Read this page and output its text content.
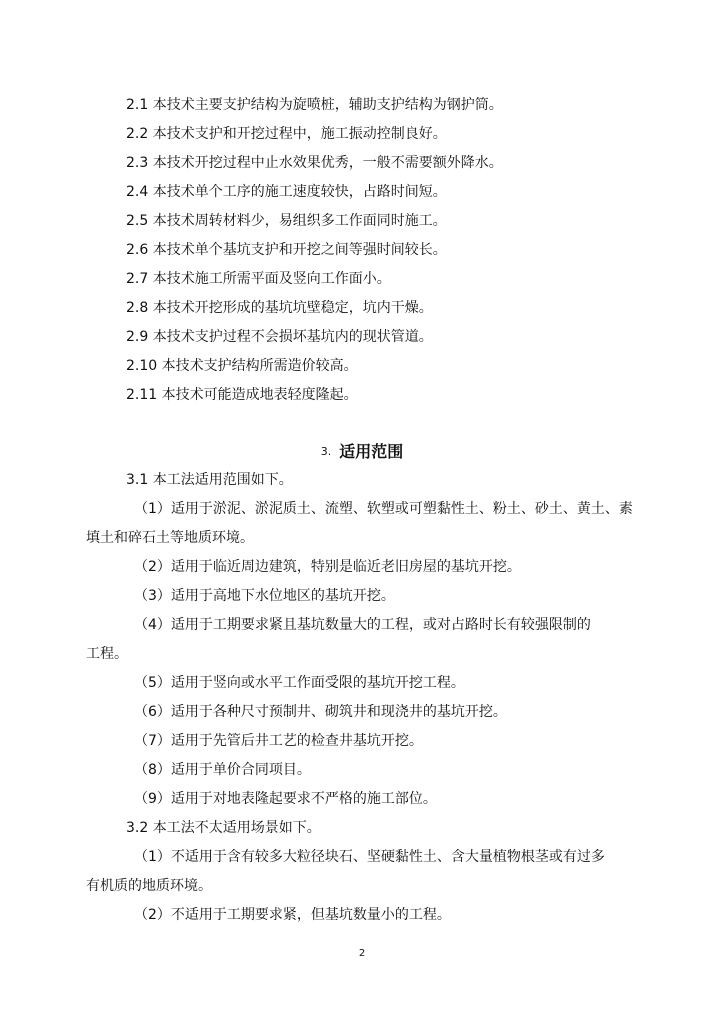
2.1 本技术主要支护结构为旋喷桩，辅助支护结构为钢护筒。
2.2 本技术支护和开挖过程中，施工振动控制良好。
2.3 本技术开挖过程中止水效果优秀，一般不需要额外降水。
2.4 本技术单个工序的施工速度较快，占路时间短。
2.5 本技术周转材料少，易组织多工作面同时施工。
2.6 本技术单个基坑支护和开挖之间等强时间较长。
2.7 本技术施工所需平面及竖向工作面小。
2.8 本技术开挖形成的基坑坑壁稳定，坑内干燥。
2.9 本技术支护过程不会损坏基坑内的现状管道。
2.10 本技术支护结构所需造价较高。
2.11 本技术可能造成地表轻度隆起。
3. 适用范围
3.1 本工法适用范围如下。
（1）适用于淤泥、淤泥质土、流塑、软塑或可塑黏性土、粉土、砂土、黄土、素
填土和碎石土等地质环境。
（2）适用于临近周边建筑，特别是临近老旧房屋的基坑开挖。
（3）适用于高地下水位地区的基坑开挖。
（4）适用于工期要求紧且基坑数量大的工程，或对占路时长有较强限制的
工程。
（5）适用于竖向或水平工作面受限的基坑开挖工程。
（6）适用于各种尺寸预制井、砌筑井和现浇井的基坑开挖。
（7）适用于先管后井工艺的检查井基坑开挖。
（8）适用于单价合同项目。
（9）适用于对地表隆起要求不严格的施工部位。
3.2 本工法不太适用场景如下。
（1）不适用于含有较多大粒径块石、坚硬黏性土、含大量植物根茎或有过多
有机质的地质环境。
（2）不适用于工期要求紧，但基坑数量小的工程。
2
